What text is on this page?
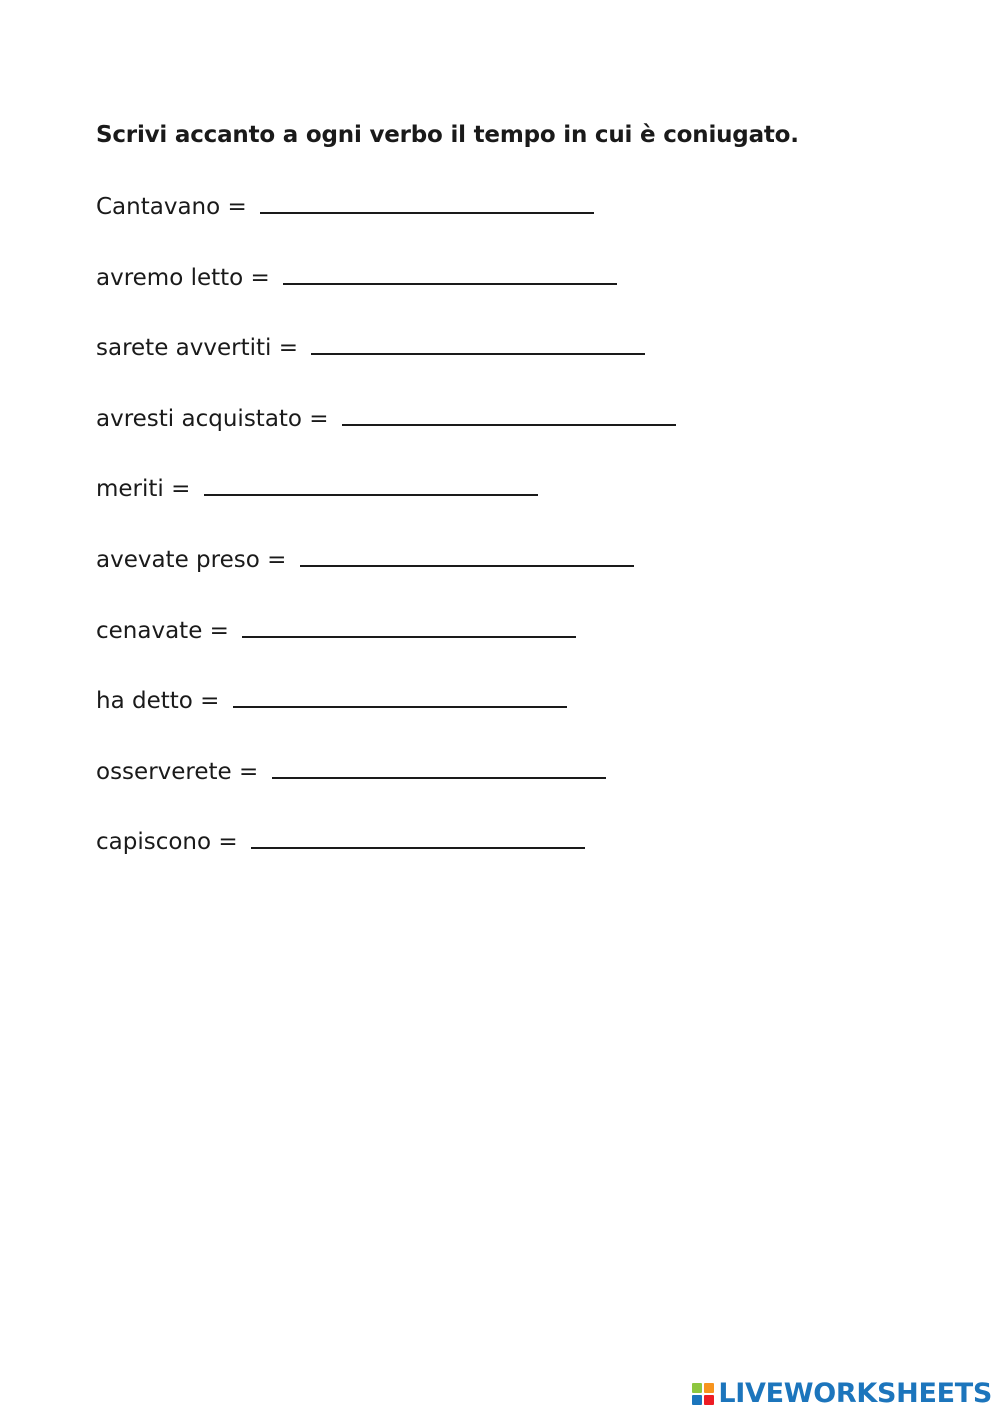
Scrivi accanto a ogni verbo il tempo in cui è coniugato.
Cantavano =
avremo letto =
sarete avvertiti =
avresti acquistato =
meriti =
avevate preso =
cenavate =
ha detto =
osserverete =
capiscono =
LIVEWORKSHEETS
